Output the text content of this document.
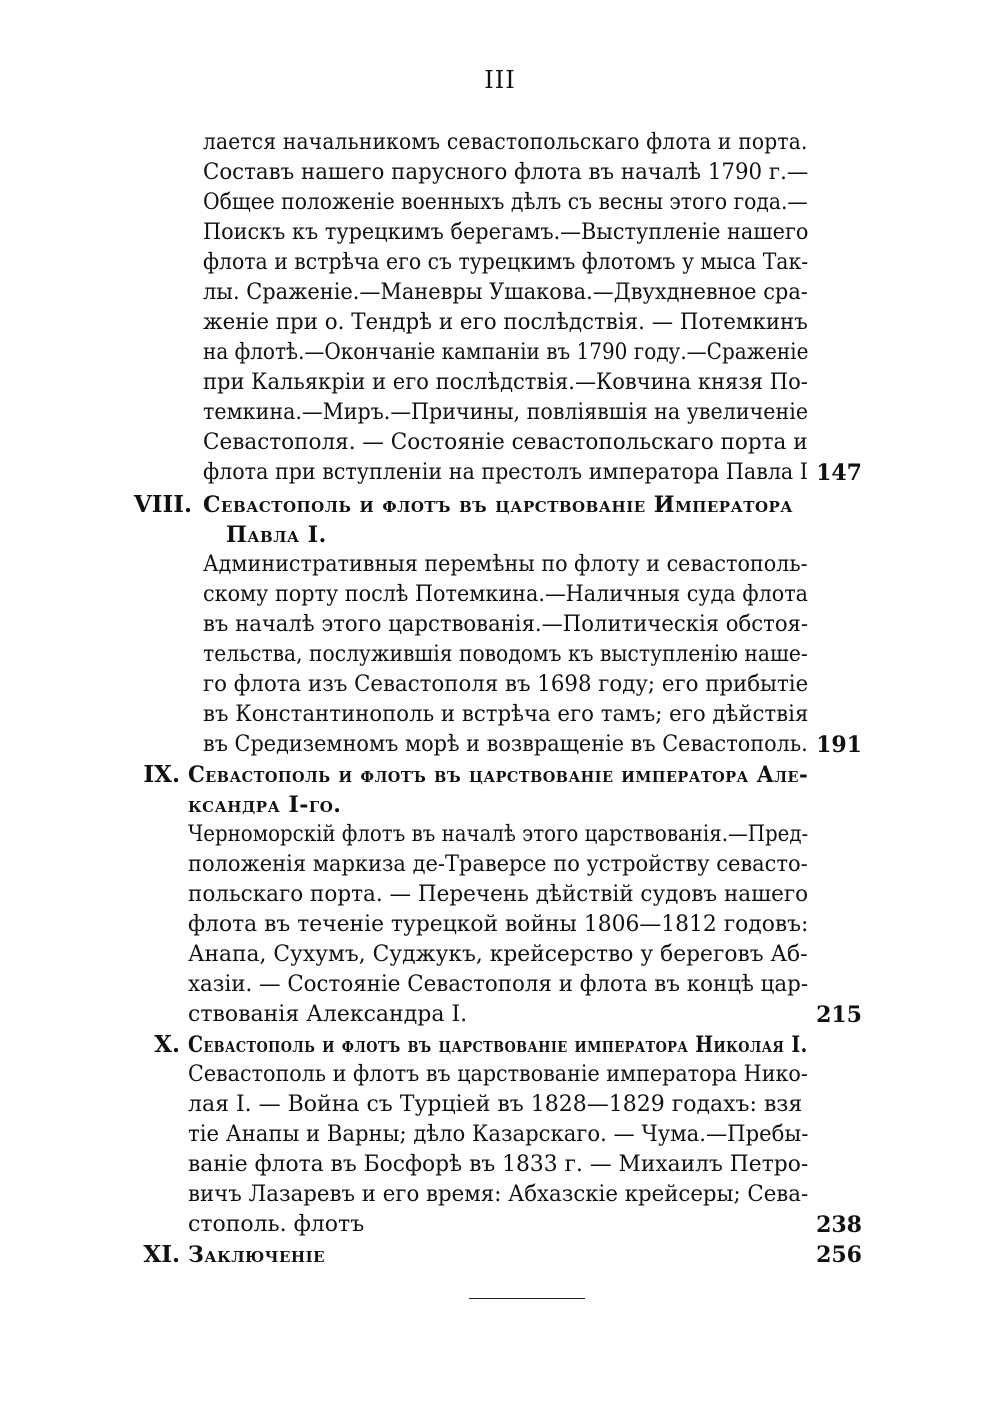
III
лается начальникомъ севастопольскаго флота и порта.
Составъ нашего пaрусного флота въ началѣ 1790 г.—
Общее положенiе военныхъ дѣлъ съ весны этого года.—
Поискъ къ турецкимъ берегамъ.—Выступленiе нашего
флота и встрѣча его съ турецкимъ флотомъ у мыса Так-
лы. Сраженiе.—Маневры Ушакова.—Двухдневное сра-
женiе при о. Тендрѣ и его послѣдствiя. — Потемкинъ
на флотѣ.—Окончанiе кампанiи въ 1790 году.—Сраженiе
при Кальякрiи и его послѣдствiя.—Ковчина князя По-
темкина.—Миръ.—Причины, повлiявшiя на увеличенiе
Севастополя. — Состоянiе севастопольскаго порта и
флота при вступленiи на престолъ императора Павла I 147
VIII. Севастополь и флотъ въ царствованiе Императора
Павла I.
Административныя перемѣны по флоту и севастополь-
скому порту послѣ Потемкина.—Наличныя суда флота
въ началѣ этого царствованiя.—Политическiя обстоя-
тельства, послужившiя поводомъ къ выступленiю наше-
го флота изъ Севастополя въ 1698 году; его прибытiе
въ Константинополь и встрѣча его тамъ; его дѣйствiя
въ Средиземномъ морѣ и возвращенiе въ Севастополь. 191
IX. Севастополь и флотъ въ царствованiе императора Але-
ксандра I-го.
Черноморскiй флотъ въ началѣ этого царствованiя.—Пред-
положенiя маркиза де-Траверсе по устройству севасто-
польскаго порта. — Перечень дѣйствiй судовъ нашего
флота въ теченiе турецкой войны 1806—1812 годовъ:
Анапа, Сухумъ, Суджукъ, крейсерство у береговъ Аб-
хазiи. — Состоянiе Севастополя и флота въ концѣ цар-
ствованiя Александра I.	215
X. Севастополь и флотъ въ царствованiе императора Николая I.
Севастополь и флотъ въ царствованiе императора Нико-
лая I. — Война съ Турцiей въ 1828—1829 годахъ: взя
тiе Анапы и Варны; дѣло Казарскаго. — Чума.—Пребы-
ванiе флота въ Босфорѣ въ 1833 г. — Михаилъ Петро-
вичъ Лазаревъ и его время: Абхазскiе крейсеры; Сева-
стополь. флотъ	238
XI. Заключенiе	256
